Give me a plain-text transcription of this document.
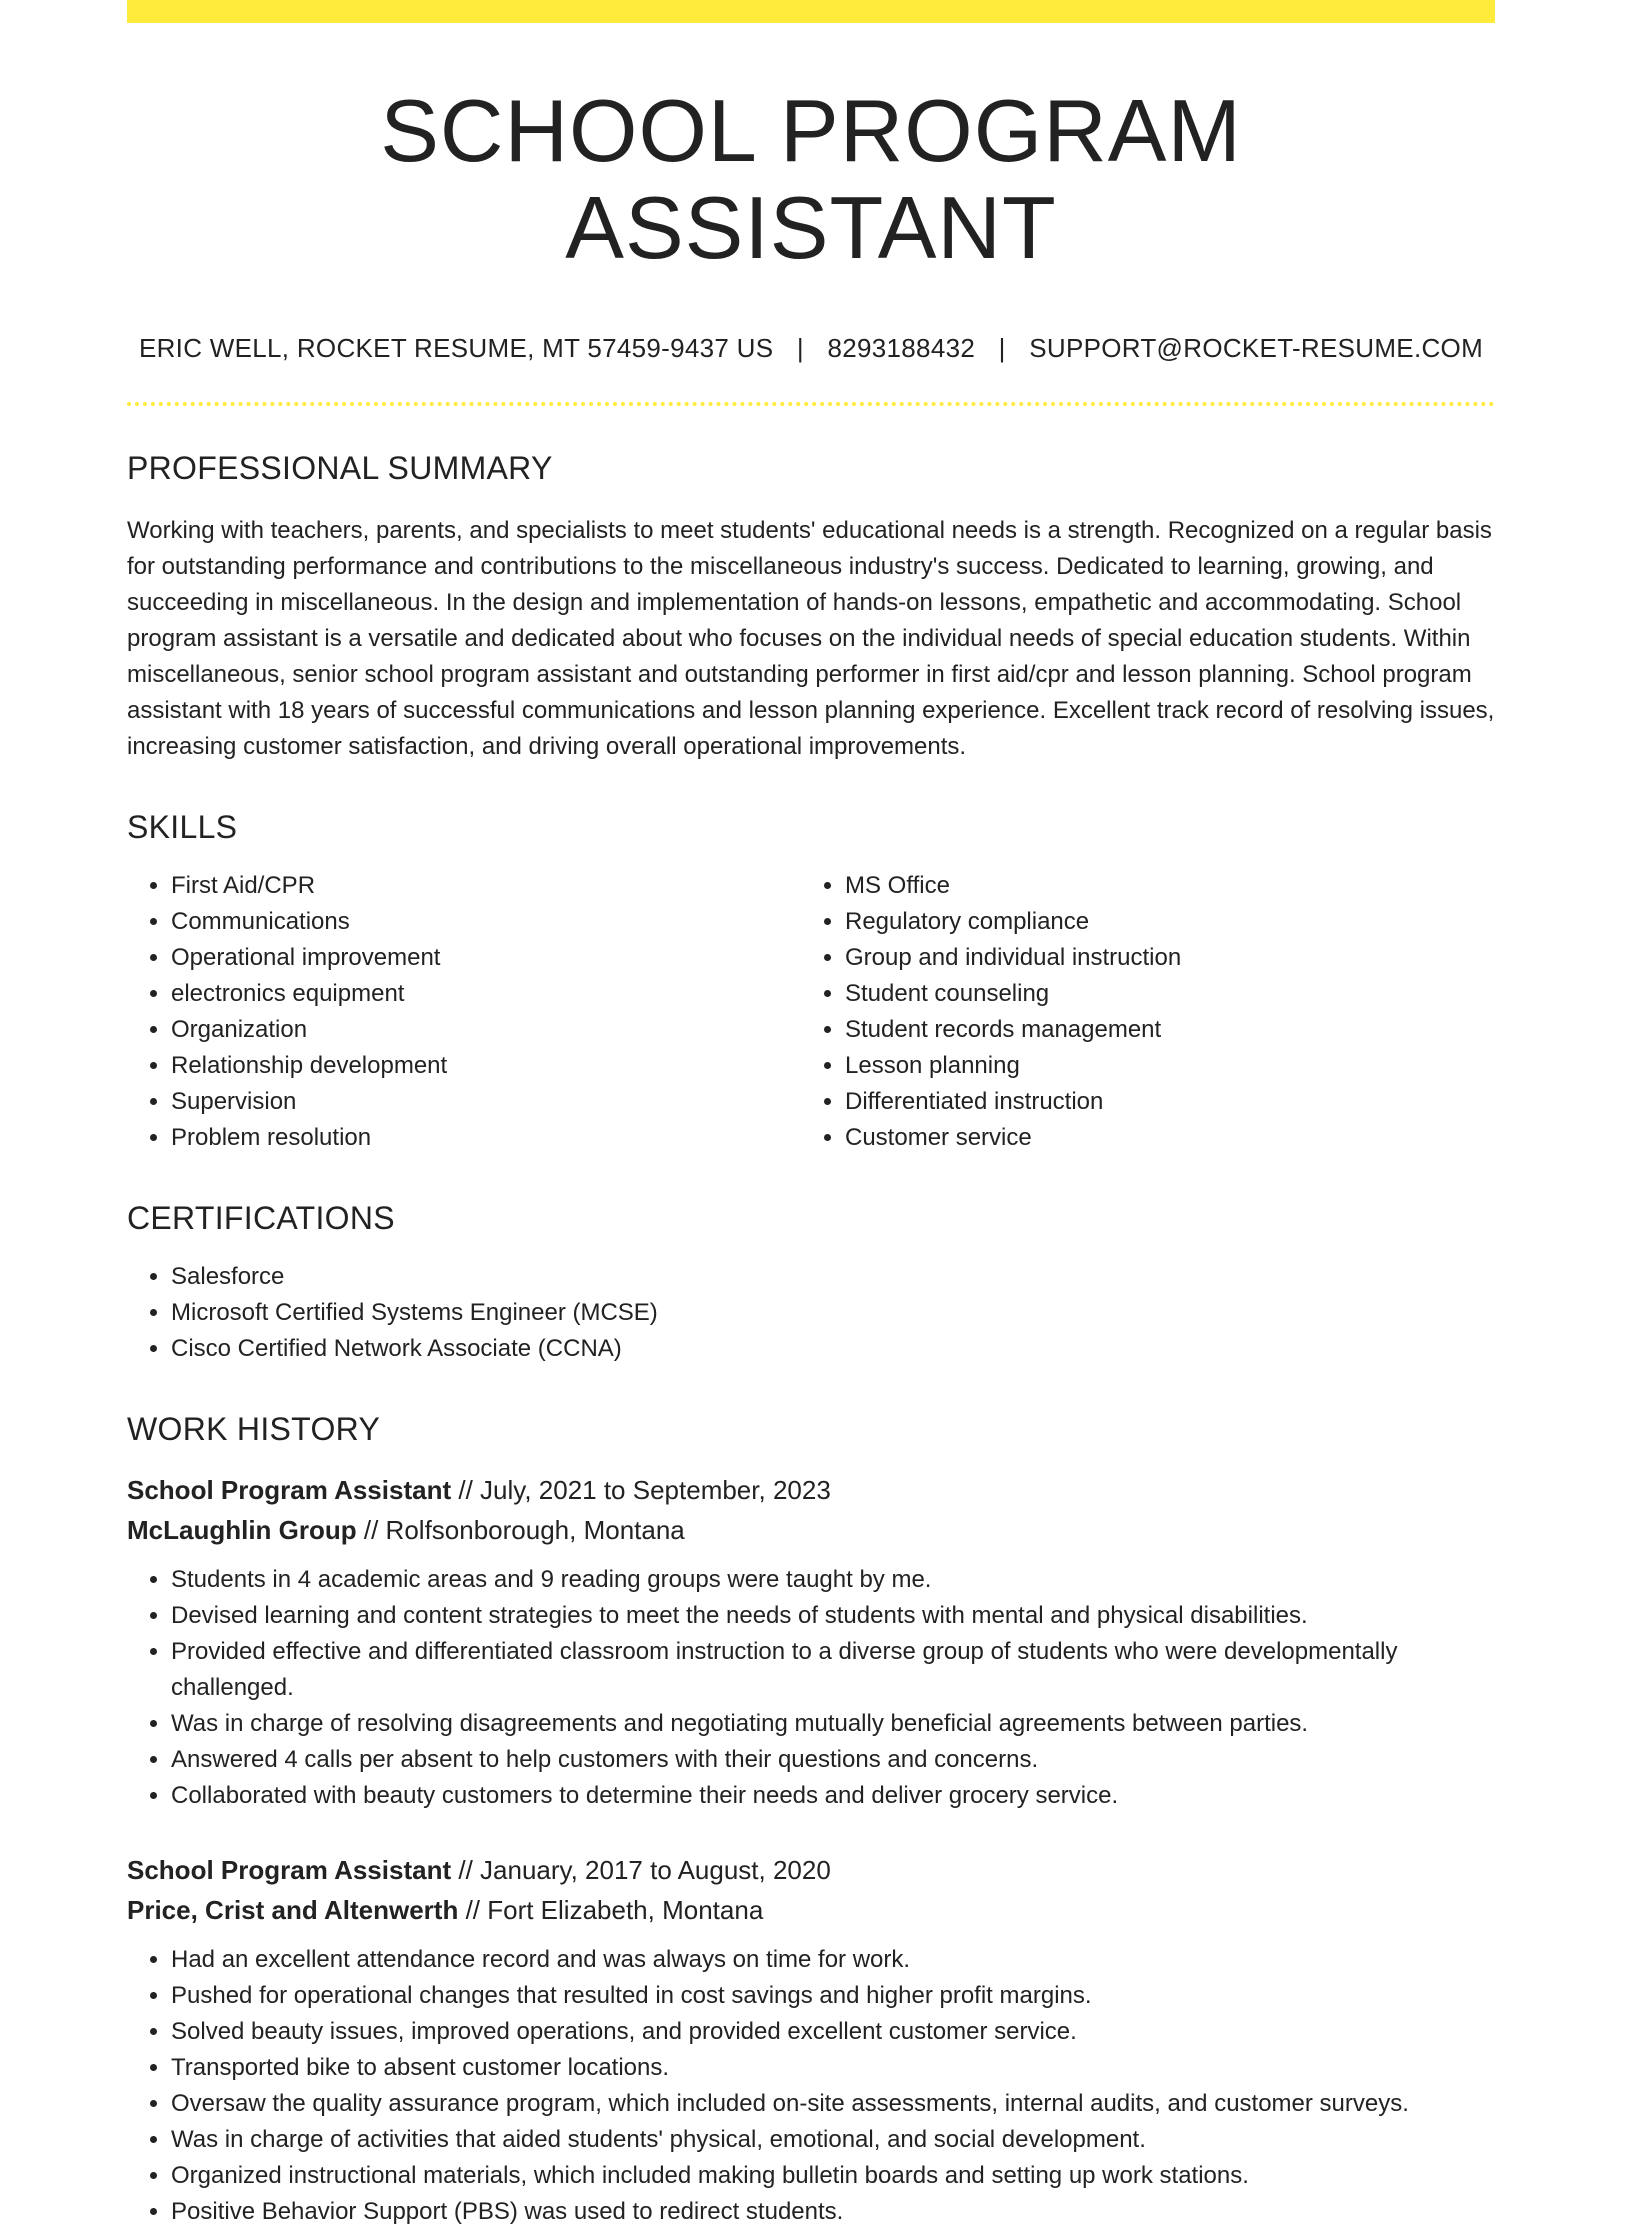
SCHOOL PROGRAM ASSISTANT
ERIC WELL, ROCKET RESUME, MT 57459-9437 US | 8293188432 | SUPPORT@ROCKET-RESUME.COM
PROFESSIONAL SUMMARY

Working with teachers, parents, and specialists to meet students' educational needs is a strength. Recognized on a regular basis for outstanding performance and contributions to the miscellaneous industry's success. Dedicated to learning, growing, and succeeding in miscellaneous. In the design and implementation of hands-on lessons, empathetic and accommodating. School program assistant is a versatile and dedicated about who focuses on the individual needs of special education students. Within miscellaneous, senior school program assistant and outstanding performer in first aid/cpr and lesson planning. School program assistant with 18 years of successful communications and lesson planning experience. Excellent track record of resolving issues, increasing customer satisfaction, and driving overall operational improvements.

SKILLS
• First Aid/CPR
• Communications
• Operational improvement
• electronics equipment
• Organization
• Relationship development
• Supervision
• Problem resolution
• MS Office
• Regulatory compliance
• Group and individual instruction
• Student counseling
• Student records management
• Lesson planning
• Differentiated instruction
• Customer service
CERTIFICATIONS
• Salesforce
• Microsoft Certified Systems Engineer (MCSE)
• Cisco Certified Network Associate (CCNA)
WORK HISTORY
School Program Assistant // July, 2021 to September, 2023
McLaughlin Group // Rolfsonborough, Montana
• Students in 4 academic areas and 9 reading groups were taught by me.
• Devised learning and content strategies to meet the needs of students with mental and physical disabilities.
• Provided effective and differentiated classroom instruction to a diverse group of students who were developmentally challenged.
• Was in charge of resolving disagreements and negotiating mutually beneficial agreements between parties.
• Answered 4 calls per absent to help customers with their questions and concerns.
• Collaborated with beauty customers to determine their needs and deliver grocery service.
School Program Assistant // January, 2017 to August, 2020
Price, Crist and Altenwerth // Fort Elizabeth, Montana
• Had an excellent attendance record and was always on time for work.
• Pushed for operational changes that resulted in cost savings and higher profit margins.
• Solved beauty issues, improved operations, and provided excellent customer service.
• Transported bike to absent customer locations.
• Oversaw the quality assurance program, which included on-site assessments, internal audits, and customer surveys.
• Was in charge of activities that aided students' physical, emotional, and social development.
• Organized instructional materials, which included making bulletin boards and setting up work stations.
• Positive Behavior Support (PBS) was used to redirect students.
